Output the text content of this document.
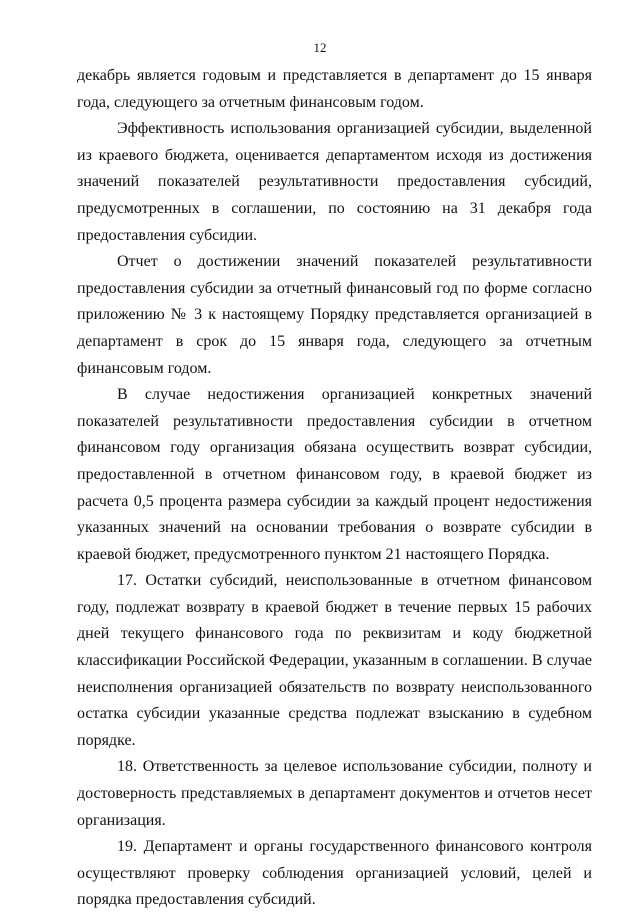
12

декабрь является годовым и представляется в департамент до 15 января года, следующего за отчетным финансовым годом.

Эффективность использования организацией субсидии, выделенной из краевого бюджета, оценивается департаментом исходя из достижения значений показателей результативности предоставления субсидий, предусмотренных в соглашении, по состоянию на 31 декабря года предоставления субсидии.

Отчет о достижении значений показателей результативности предоставления субсидии за отчетный финансовый год по форме согласно приложению № 3 к настоящему Порядку представляется организацией в департамент в срок до 15 января года, следующего за отчетным финансовым годом.

В случае недостижения организацией конкретных значений показателей результативности предоставления субсидии в отчетном финансовом году организация обязана осуществить возврат субсидии, предоставленной в отчетном финансовом году, в краевой бюджет из расчета 0,5 процента размера субсидии за каждый процент недостижения указанных значений на основании требования о возврате субсидии в краевой бюджет, предусмотренного пунктом 21 настоящего Порядка.

17. Остатки субсидий, неиспользованные в отчетном финансовом году, подлежат возврату в краевой бюджет в течение первых 15 рабочих дней текущего финансового года по реквизитам и коду бюджетной классификации Российской Федерации, указанным в соглашении. В случае неисполнения организацией обязательств по возврату неиспользованного остатка субсидии указанные средства подлежат взысканию в судебном порядке.

18. Ответственность за целевое использование субсидии, полноту и достоверность представляемых в департамент документов и отчетов несет организация.

19. Департамент и органы государственного финансового контроля осуществляют проверку соблюдения организацией условий, целей и порядка предоставления субсидий.
